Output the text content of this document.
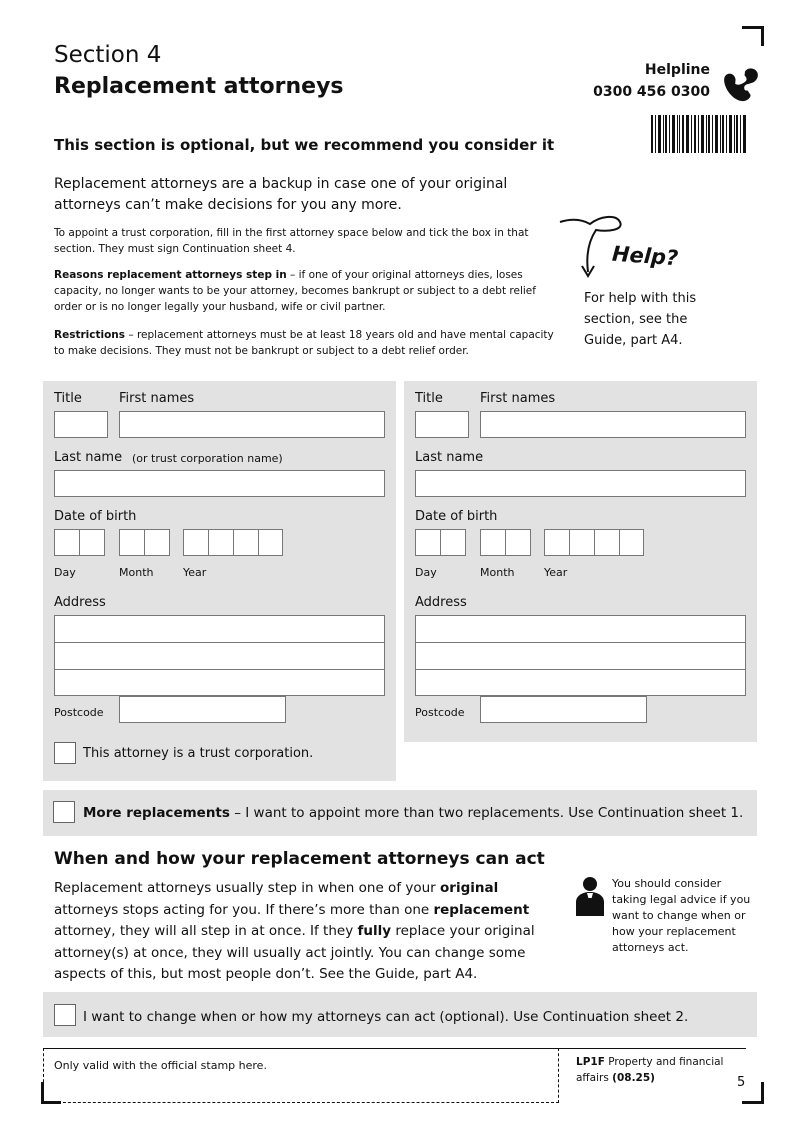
Section 4
Replacement attorneys
Helpline
0300 456 0300
This section is optional, but we recommend you consider it
Replacement attorneys are a backup in case one of your original attorneys can’t make decisions for you any more.
To appoint a trust corporation, fill in the first attorney space below and tick the box in that section. They must sign Continuation sheet 4.
Reasons replacement attorneys step in – if one of your original attorneys dies, loses capacity, no longer wants to be your attorney, becomes bankrupt or subject to a debt relief order or is no longer legally your husband, wife or civil partner.
Restrictions – replacement attorneys must be at least 18 years old and have mental capacity to make decisions. They must not be bankrupt or subject to a debt relief order.
Help?
For help with this section, see the Guide, part A4.
Title	First names
Last name (or trust corporation name)
Date of birth
Day	Month	Year
Address
Postcode
This attorney is a trust corporation.
Title	First names
Last name
Date of birth
Day	Month	Year
Address
Postcode
More replacements – I want to appoint more than two replacements. Use Continuation sheet 1.
When and how your replacement attorneys can act
Replacement attorneys usually step in when one of your original attorneys stops acting for you. If there’s more than one replacement attorney, they will all step in at once. If they fully replace your original attorney(s) at once, they will usually act jointly. You can change some aspects of this, but most people don’t. See the Guide, part A4.
You should consider taking legal advice if you want to change when or how your replacement attorneys act.
I want to change when or how my attorneys can act (optional). Use Continuation sheet 2.
Only valid with the official stamp here.	LP1F Property and financial affairs (08.25)	5
